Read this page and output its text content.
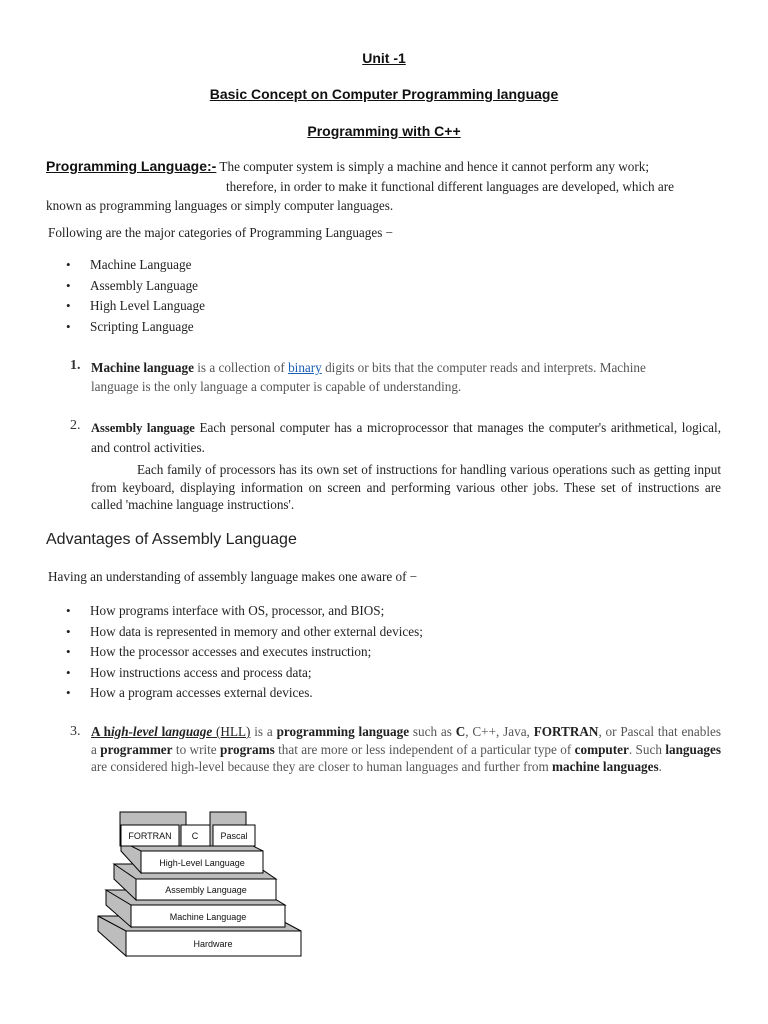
Unit -1
Basic Concept on Computer Programming language
Programming with C++
Programming Language:- The computer system is simply a machine and hence it cannot perform any work;
therefore, in order to make it functional different languages are developed, which are
known as programming languages or simply computer languages.
Following are the major categories of Programming Languages −
• Machine Language
• Assembly Language
• High Level Language
• Scripting Language
1. Machine language is a collection of binary digits or bits that the computer reads and interprets. Machine
language is the only language a computer is capable of understanding.
2. Assembly language Each personal computer has a microprocessor that manages the computer's arithmetical, logical, and control activities.
Each family of processors has its own set of instructions for handling various operations such as getting input from keyboard, displaying information on screen and performing various other jobs. These set of instructions are called 'machine language instructions'.
Advantages of Assembly Language
Having an understanding of assembly language makes one aware of −
• How programs interface with OS, processor, and BIOS;
• How data is represented in memory and other external devices;
• How the processor accesses and executes instruction;
• How instructions access and process data;
• How a program accesses external devices.
3. A high-level language (HLL) is a programming language such as C, C++, Java, FORTRAN, or Pascal that enables a programmer to write programs that are more or less independent of a particular type of computer. Such languages are considered high-level because they are closer to human languages and further from machine languages.
Hardware
Machine Language
Assembly Language
High-Level Language
FORTRAN C Pascal
